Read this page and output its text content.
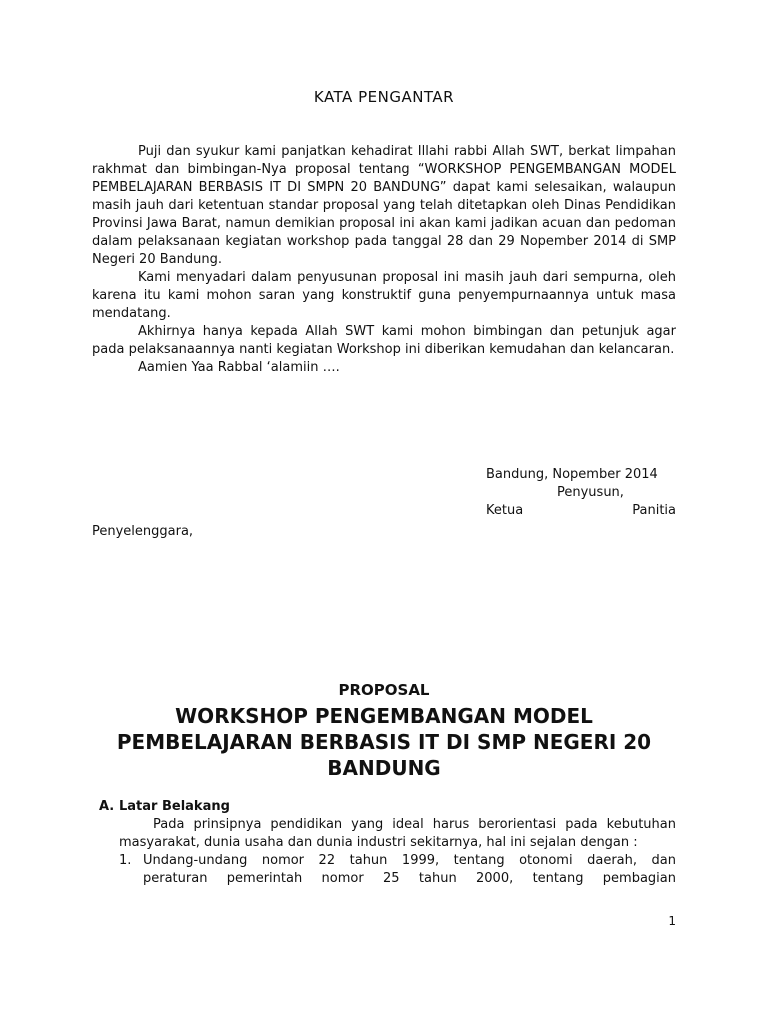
KATA PENGANTAR

Puji dan syukur kami panjatkan kehadirat Illahi rabbi Allah SWT, berkat limpahan rakhmat dan bimbingan-Nya proposal tentang “WORKSHOP PENGEMBANGAN MODEL PEMBELAJARAN BERBASIS IT DI SMPN 20 BANDUNG” dapat kami selesaikan, walaupun masih jauh dari ketentuan standar proposal yang telah ditetapkan oleh Dinas Pendidikan Provinsi Jawa Barat, namun demikian proposal ini akan kami jadikan acuan dan pedoman dalam pelaksanaan kegiatan workshop pada tanggal 28 dan 29 Nopember 2014 di SMP Negeri 20 Bandung.

Kami menyadari dalam penyusunan proposal ini masih jauh dari sempurna, oleh karena itu kami mohon saran yang konstruktif guna penyempurnaannya untuk masa mendatang.

Akhirnya hanya kepada Allah SWT kami mohon bimbingan dan petunjuk agar pada pelaksanaannya nanti kegiatan Workshop ini diberikan kemudahan dan kelancaran.

Aamien Yaa Rabbal ‘alamiin ….

Bandung, Nopember 2014
Penyusun,
Ketua	Panitia
Penyelenggara,
PROPOSAL
WORKSHOP PENGEMBANGAN MODEL
PEMBELAJARAN BERBASIS IT DI SMP NEGERI 20
BANDUNG
A. Latar Belakang

Pada prinsipnya pendidikan yang ideal harus berorientasi pada kebutuhan masyarakat, dunia usaha dan dunia industri sekitarnya, hal ini sejalan dengan :

1. Undang-undang nomor 22 tahun 1999, tentang otonomi daerah, dan
peraturan pemerintah nomor 25 tahun 2000, tentang pembagian
1
